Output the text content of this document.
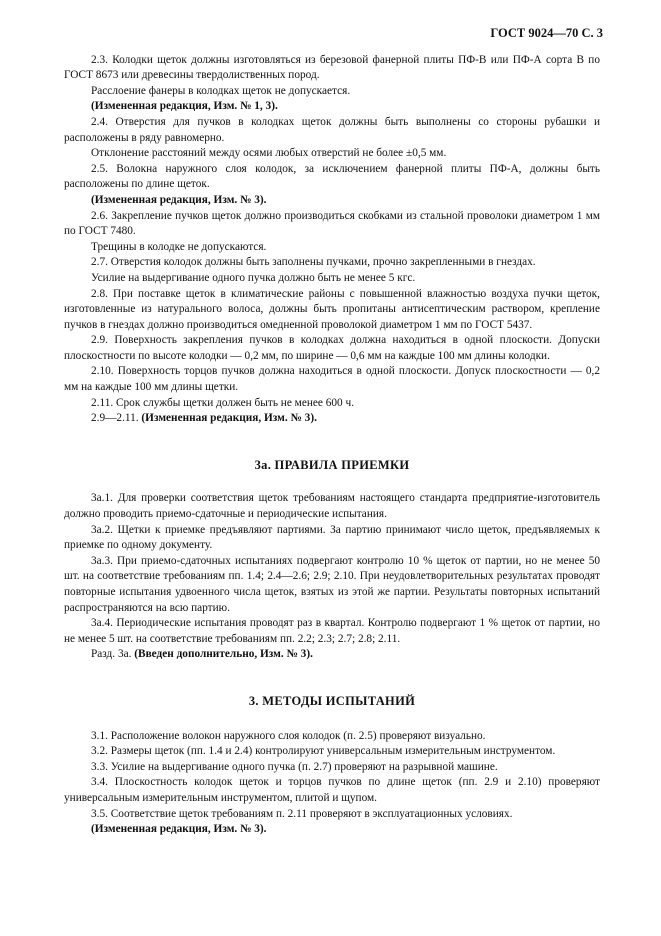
ГОСТ 9024—70 С. 3

2.3. Колодки щеток должны изготовляться из березовой фанерной плиты ПФ-В или ПФ-А сорта В по ГОСТ 8673 или древесины твердолиственных пород.

Расслоение фанеры в колодках щеток не допускается.

(Измененная редакция, Изм. № 1, 3).

2.4. Отверстия для пучков в колодках щеток должны быть выполнены со стороны рубашки и расположены в ряду равномерно.

Отклонение расстояний между осями любых отверстий не более ±0,5 мм.

2.5. Волокна наружного слоя колодок, за исключением фанерной плиты ПФ-А, должны быть расположены по длине щеток.

(Измененная редакция, Изм. № 3).

2.6. Закрепление пучков щеток должно производиться скобками из стальной проволоки диаметром 1 мм по ГОСТ 7480.

Трещины в колодке не допускаются.

2.7. Отверстия колодок должны быть заполнены пучками, прочно закрепленными в гнездах.

Усилие на выдергивание одного пучка должно быть не менее 5 кгс.

2.8. При поставке щеток в климатические районы с повышенной влажностью воздуха пучки щеток, изготовленные из натурального волоса, должны быть пропитаны антисептическим раствором, крепление пучков в гнездах должно производиться омедненной проволокой диаметром 1 мм по ГОСТ 5437.

2.9. Поверхность закрепления пучков в колодках должна находиться в одной плоскости. Допуски плоскостности по высоте колодки — 0,2 мм, по ширине — 0,6 мм на каждые 100 мм длины колодки.

2.10. Поверхность торцов пучков должна находиться в одной плоскости. Допуск плоскостности — 0,2 мм на каждые 100 мм длины щетки.

2.11. Срок службы щетки должен быть не менее 600 ч.

2.9—2.11. (Измененная редакция, Изм. № 3).

3а. ПРАВИЛА ПРИЕМКИ

3а.1. Для проверки соответствия щеток требованиям настоящего стандарта предприятие-изготовитель должно проводить приемо-сдаточные и периодические испытания.

3а.2. Щетки к приемке предъявляют партиями. За партию принимают число щеток, предъявляемых к приемке по одному документу.

3а.3. При приемо-сдаточных испытаниях подвергают контролю 10 % щеток от партии, но не менее 50 шт. на соответствие требованиям пп. 1.4; 2.4—2.6; 2.9; 2.10. При неудовлетворительных результатах проводят повторные испытания удвоенного числа щеток, взятых из этой же партии. Результаты повторных испытаний распространяются на всю партию.

3а.4. Периодические испытания проводят раз в квартал. Контролю подвергают 1 % щеток от партии, но не менее 5 шт. на соответствие требованиям пп. 2.2; 2.3; 2.7; 2.8; 2.11.

Разд. 3а. (Введен дополнительно, Изм. № 3).

3. МЕТОДЫ ИСПЫТАНИЙ

3.1. Расположение волокон наружного слоя колодок (п. 2.5) проверяют визуально.

3.2. Размеры щеток (пп. 1.4 и 2.4) контролируют универсальным измерительным инструментом.

3.3. Усилие на выдергивание одного пучка (п. 2.7) проверяют на разрывной машине.

3.4. Плоскостность колодок щеток и торцов пучков по длине щеток (пп. 2.9 и 2.10) проверяют универсальным измерительным инструментом, плитой и щупом.

3.5. Соответствие щеток требованиям п. 2.11 проверяют в эксплуатационных условиях.

(Измененная редакция, Изм. № 3).
